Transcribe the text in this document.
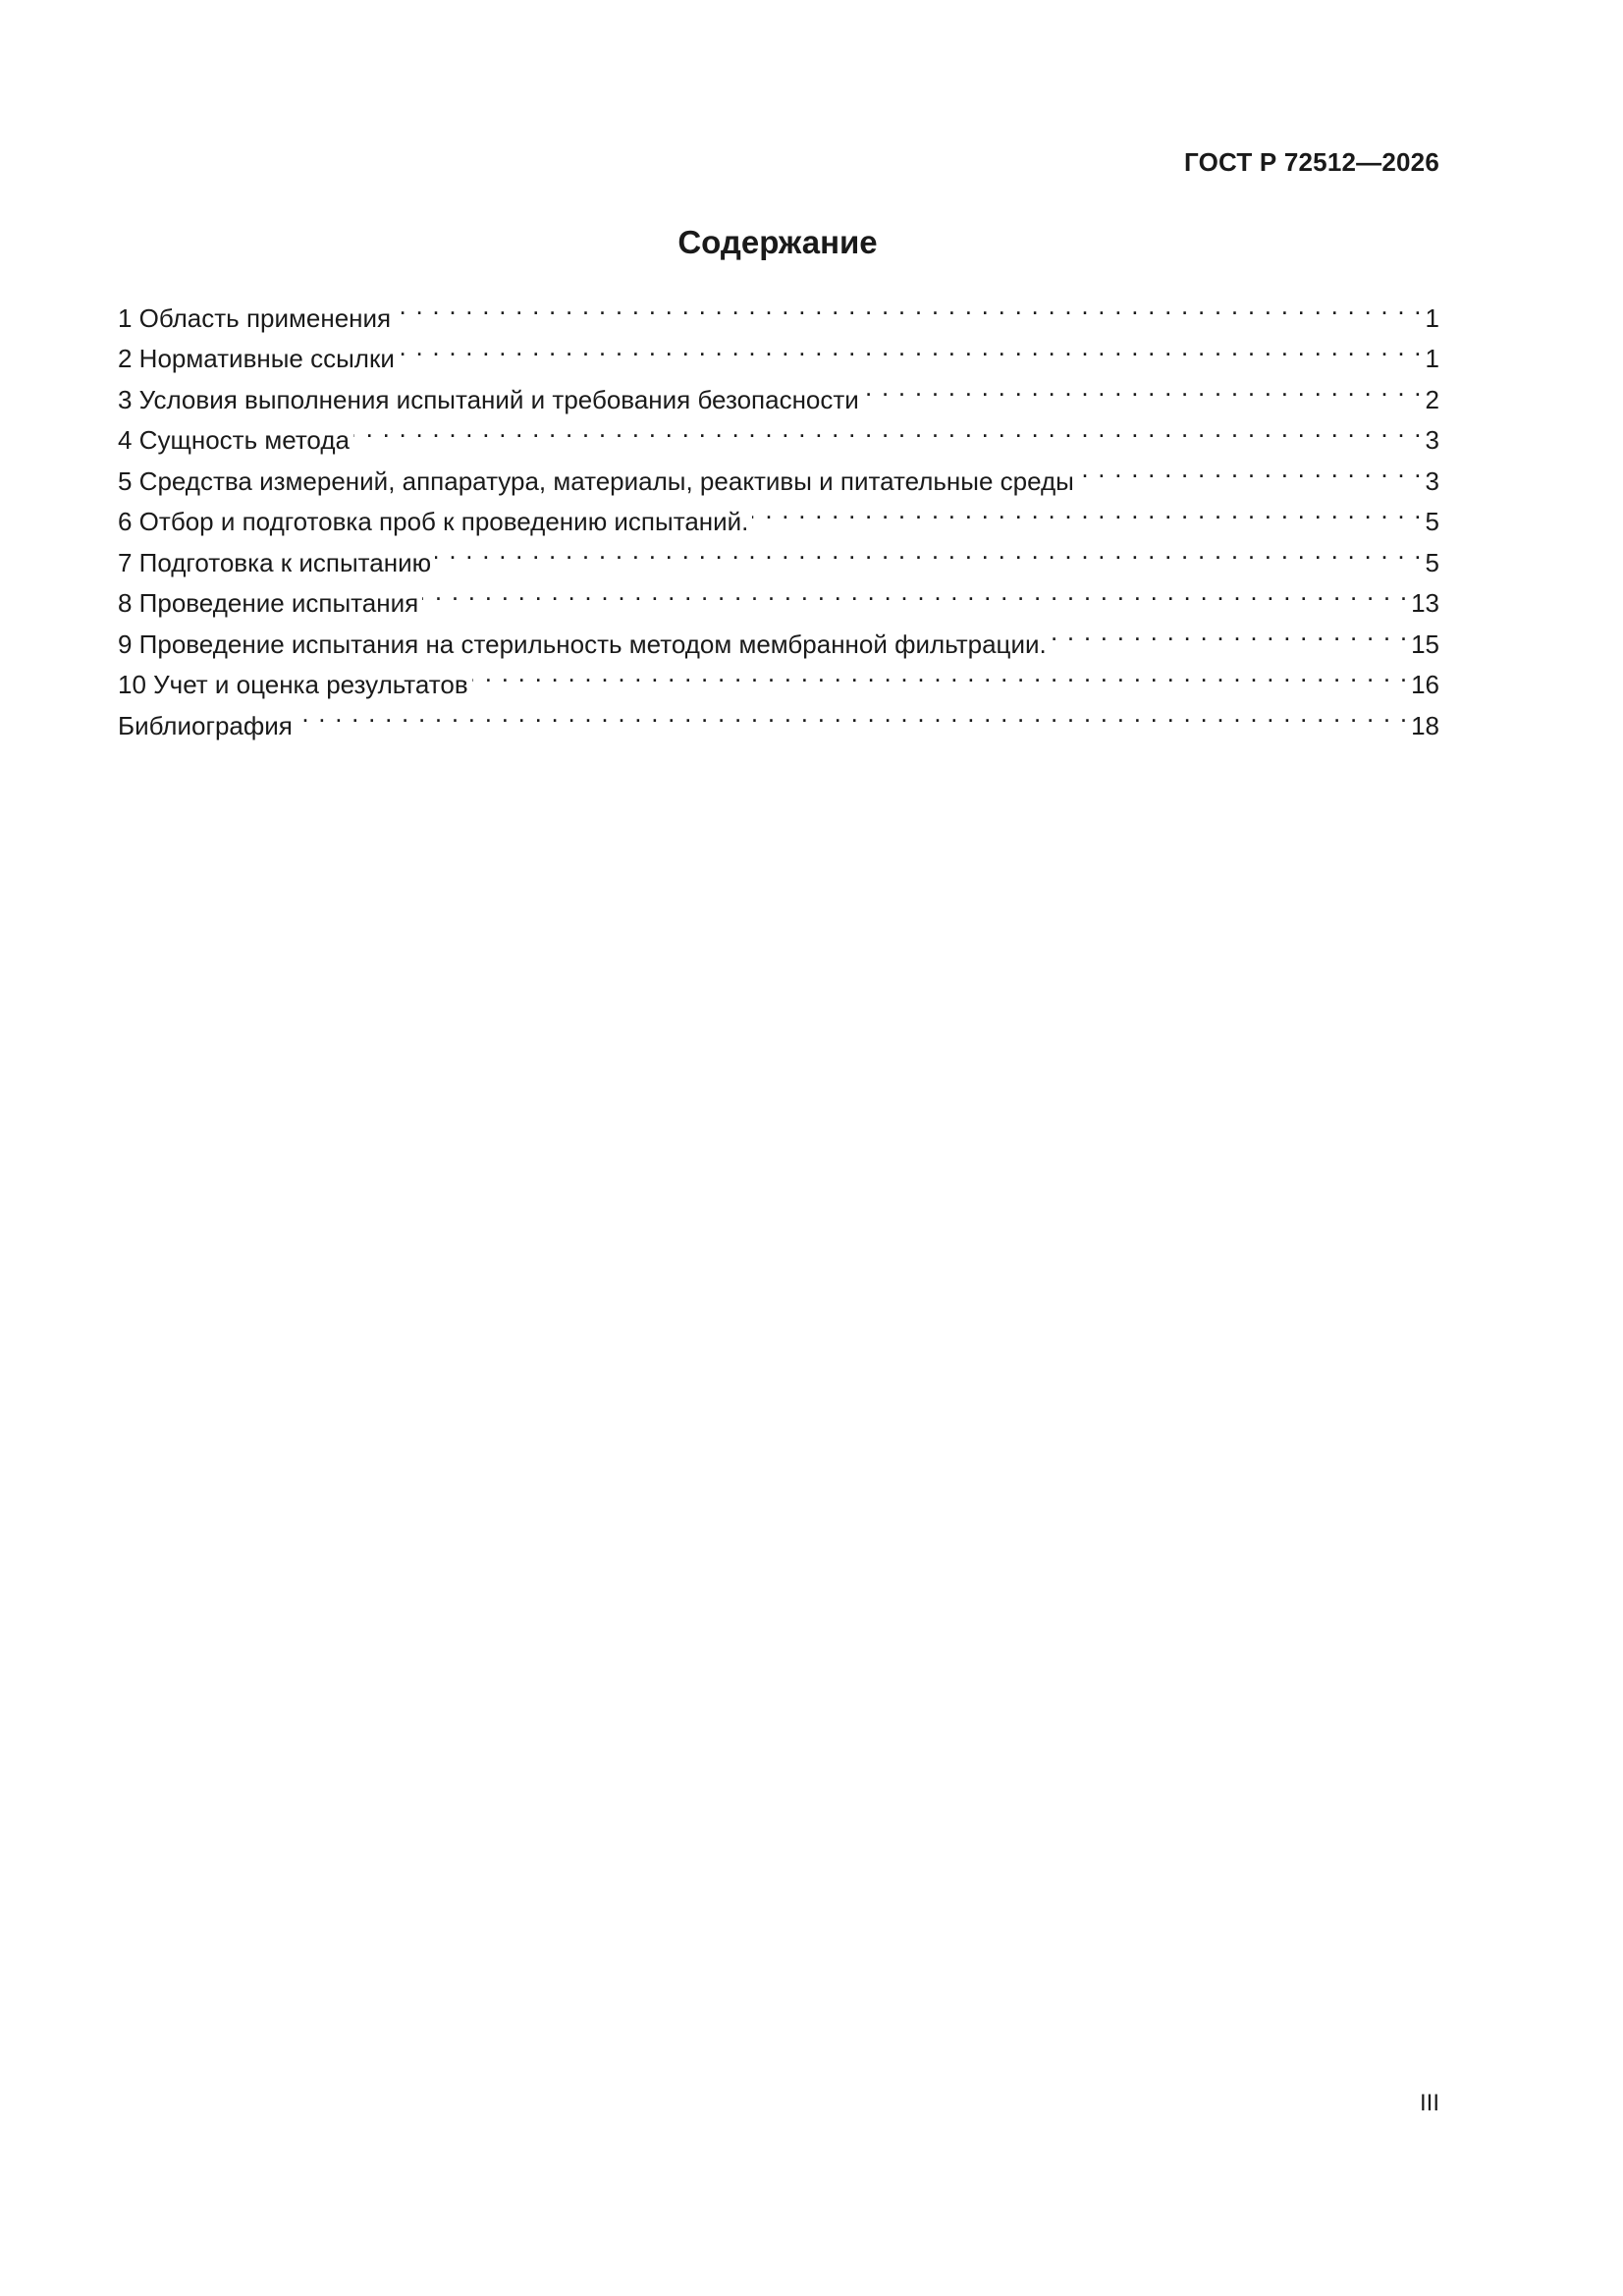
ГОСТ Р 72512—2026
Содержание
1 Область применения . . .	1
2 Нормативные ссылки . . .	1
3 Условия выполнения испытаний и требования безопасности . . .	2
4 Сущность метода . . .	3
5 Средства измерений, аппаратура, материалы, реактивы и питательные среды . . .	3
6 Отбор и подготовка проб к проведению испытаний. . . .	5
7 Подготовка к испытанию . . .	5
8 Проведение испытания . . .	13
9 Проведение испытания на стерильность методом мембранной фильтрации. . . .	15
10 Учет и оценка результатов . . .	16
Библиография . . .	18
III
